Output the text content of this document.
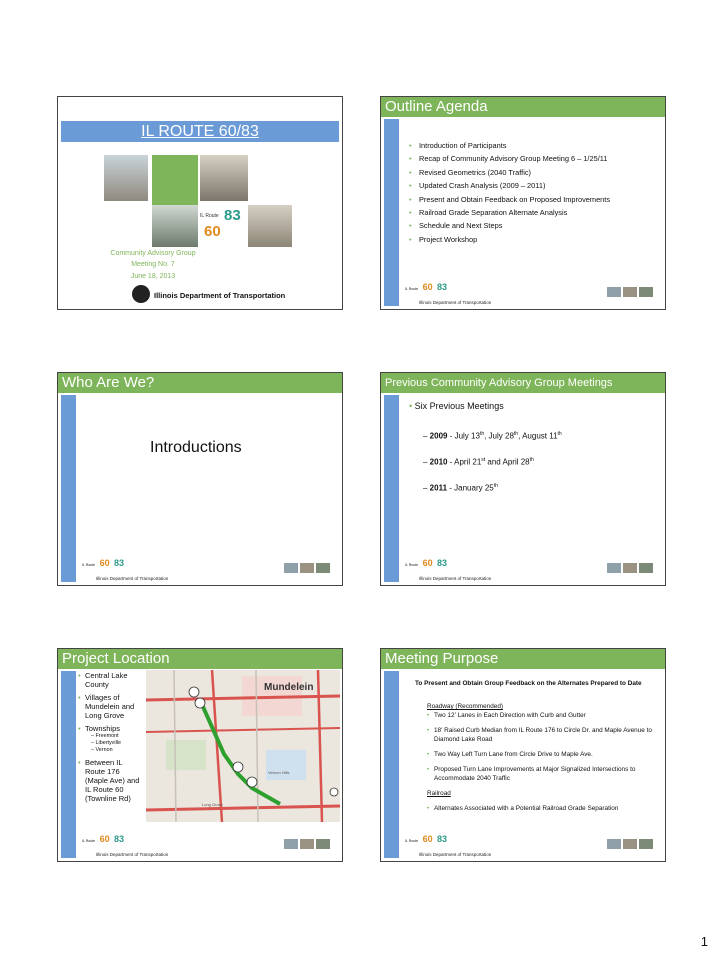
IL ROUTE 60/83
IL Route
60
83
Community Advisory Group
Meeting No. 7
June 18, 2013
Illinois Department of Transportation
Outline Agenda
• Introduction of Participants
• Recap of Community Advisory Group Meeting 6 – 1/25/11
• Revised Geometrics (2040 Traffic)
• Updated Crash Analysis (2009 – 2011)
• Present and Obtain Feedback on Proposed Improvements
• Railroad Grade Separation Alternate Analysis
• Schedule and Next Steps
• Project Workshop
IL Route 60 83
Illinois Department of Transportation
Who Are We?
Introductions
IL Route 60 83
Illinois Department of Transportation
Previous Community Advisory Group Meetings
• Six Previous Meetings
– 2009 - July 13th, July 28th, August 11th
– 2010 - April 21st and April 28th
– 2011 - January 25th
IL Route 60 83
Illinois Department of Transportation
Project Location
• Central Lake County
• Villages of Mundelein and Long Grove
• Townships
– Freemont
– Libertyville
– Vernon
• Between IL Route 176 (Maple Ave) and IL Route 60 (Townline Rd)
Mundelein
Vernon Hills
Long Grove
IL Route 60 83
Illinois Department of Transportation
Meeting Purpose
To Present and Obtain Group Feedback on the Alternates Prepared to Date
Roadway (Recommended)
• Two 12' Lanes in Each Direction with Curb and Gutter
• 18' Raised Curb Median from IL Route 176 to Circle Dr. and Maple Avenue to Diamond Lake Road
• Two Way Left Turn Lane from Circle Drive to Maple Ave.
• Proposed Turn Lane Improvements at Major Signalized Intersections to Accommodate 2040 Traffic
Railroad
• Alternates Associated with a Potential Railroad Grade Separation
IL Route 60 83
Illinois Department of Transportation
1
